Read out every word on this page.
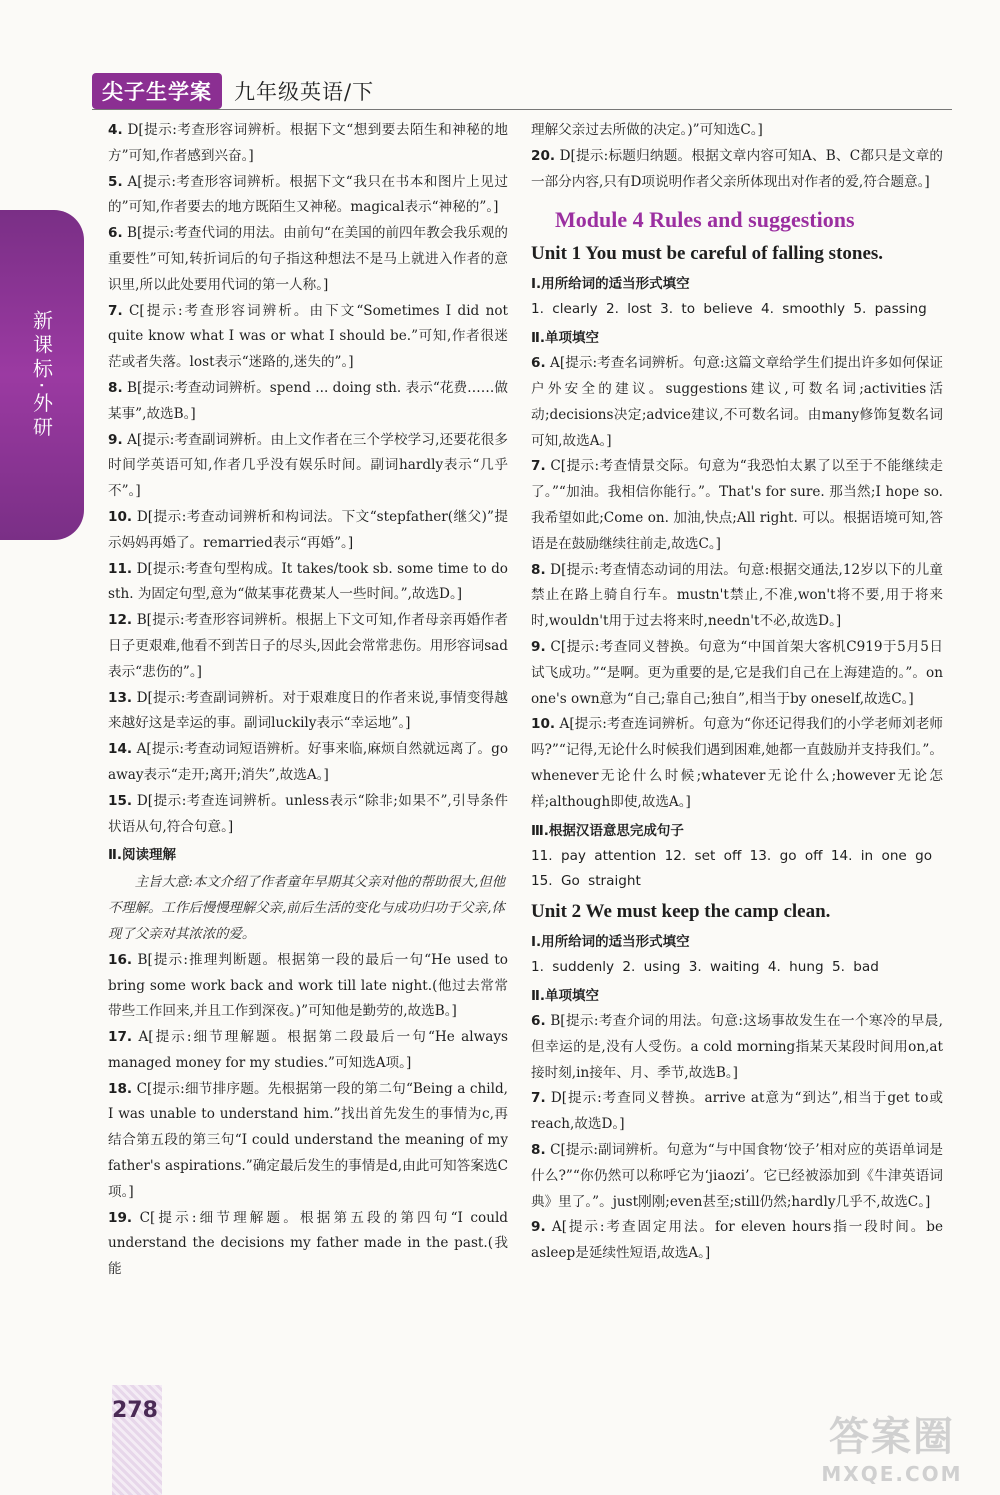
尖子生学案	九年级英语/下
新课标·外研

4. D[提示:考查形容词辨析。根据下文“想到要去陌生和神秘的地方”可知,作者感到兴奋。]

5. A[提示:考查形容词辨析。根据下文“我只在书本和图片上见过的”可知,作者要去的地方既陌生又神秘。magical表示“神秘的”。]

6. B[提示:考查代词的用法。由前句“在美国的前四年教会我乐观的重要性”可知,转折词后的句子指这种想法不是马上就进入作者的意识里,所以此处要用代词的第一人称。]

7. C[提示:考查形容词辨析。由下文“Sometimes I did not quite know what I was or what I should be.”可知,作者很迷茫或者失落。lost表示“迷路的,迷失的”。]

8. B[提示:考查动词辨析。spend ... doing sth. 表示“花费……做某事”,故选B。]

9. A[提示:考查副词辨析。由上文作者在三个学校学习,还要花很多时间学英语可知,作者几乎没有娱乐时间。副词hardly表示“几乎不”。]

10. D[提示:考查动词辨析和构词法。下文“stepfather(继父)”提示妈妈再婚了。remarried表示“再婚”。]

11. D[提示:考查句型构成。It takes/took sb. some time to do sth. 为固定句型,意为“做某事花费某人一些时间。”,故选D。]

12. B[提示:考查形容词辨析。根据上下文可知,作者母亲再婚作者日子更艰难,他看不到苦日子的尽头,因此会常常悲伤。用形容词sad表示“悲伤的”。]

13. D[提示:考查副词辨析。对于艰难度日的作者来说,事情变得越来越好这是幸运的事。副词luckily表示“幸运地”。]

14. A[提示:考查动词短语辨析。好事来临,麻烦自然就远离了。go away表示“走开;离开;消失”,故选A。]

15. D[提示:考查连词辨析。unless表示“除非;如果不”,引导条件状语从句,符合句意。]

Ⅱ.阅读理解

主旨大意:本文介绍了作者童年早期其父亲对他的帮助很大,但他不理解。工作后慢慢理解父亲,前后生活的变化与成功归功于父亲,体现了父亲对其浓浓的爱。

16. B[提示:推理判断题。根据第一段的最后一句“He used to bring some work back and work till late night.(他过去常常带些工作回来,并且工作到深夜。)”可知他是勤劳的,故选B。]

17. A[提示:细节理解题。根据第二段最后一句“He always managed money for my studies.”可知选A项。]

18. C[提示:细节排序题。先根据第一段的第二句“Being a child, I was unable to understand him.”找出首先发生的事情为c,再结合第五段的第三句“I could understand the meaning of my father's aspirations.”确定最后发生的事情是d,由此可知答案选C项。]

19. C[提示:细节理解题。根据第五段的第四句“I could understand the decisions my father made in the past.(我能

理解父亲过去所做的决定。)”可知选C。]

20. D[提示:标题归纳题。根据文章内容可知A、B、C都只是文章的一部分内容,只有D项说明作者父亲所体现出对作者的爱,符合题意。]

Module 4 Rules and suggestions
Unit 1 You must be careful of falling stones.

Ⅰ.用所给词的适当形式填空

1. clearly 2. lost 3. to believe 4. smoothly 5. passing

Ⅱ.单项填空

6. A[提示:考查名词辨析。句意:这篇文章给学生们提出许多如何保证户外安全的建议。suggestions建议,可数名词;activities活动;decisions决定;advice建议,不可数名词。由many修饰复数名词可知,故选A。]

7. C[提示:考查情景交际。句意为“我恐怕太累了以至于不能继续走了。”“加油。我相信你能行。”。That's for sure. 那当然;I hope so. 我希望如此;Come on. 加油,快点;All right. 可以。根据语境可知,答语是在鼓励继续往前走,故选C。]

8. D[提示:考查情态动词的用法。句意:根据交通法,12岁以下的儿童禁止在路上骑自行车。mustn't禁止,不准,won't将不要,用于将来时,wouldn't用于过去将来时,needn't不必,故选D。]

9. C[提示:考查同义替换。句意为“中国首架大客机C919于5月5日试飞成功。”“是啊。更为重要的是,它是我们自己在上海建造的。”。on one's own意为“自己;靠自己;独自”,相当于by oneself,故选C。]

10. A[提示:考查连词辨析。句意为“你还记得我们的小学老师刘老师吗?”“记得,无论什么时候我们遇到困难,她都一直鼓励并支持我们。”。whenever无论什么时候;whatever无论什么;however无论怎样;although即使,故选A。]

Ⅲ.根据汉语意思完成句子

11. pay attention 12. set off 13. go off 14. in one go 15. Go straight

Unit 2 We must keep the camp clean.

Ⅰ.用所给词的适当形式填空

1. suddenly 2. using 3. waiting 4. hung 5. bad

Ⅱ.单项填空

6. B[提示:考查介词的用法。句意:这场事故发生在一个寒冷的早晨,但幸运的是,没有人受伤。a cold morning指某天某段时间用on,at接时刻,in接年、月、季节,故选B。]

7. D[提示:考查同义替换。arrive at意为“到达”,相当于get to或reach,故选D。]

8. C[提示:副词辨析。句意为“与中国食物‘饺子’相对应的英语单词是什么?”“你仍然可以称呼它为‘jiaozi’。它已经被添加到《牛津英语词典》里了。”。just刚刚;even甚至;still仍然;hardly几乎不,故选C。]

9. A[提示:考查固定用法。for eleven hours指一段时间。be asleep是延续性短语,故选A。]

278
答案圈
MXQE.COM
